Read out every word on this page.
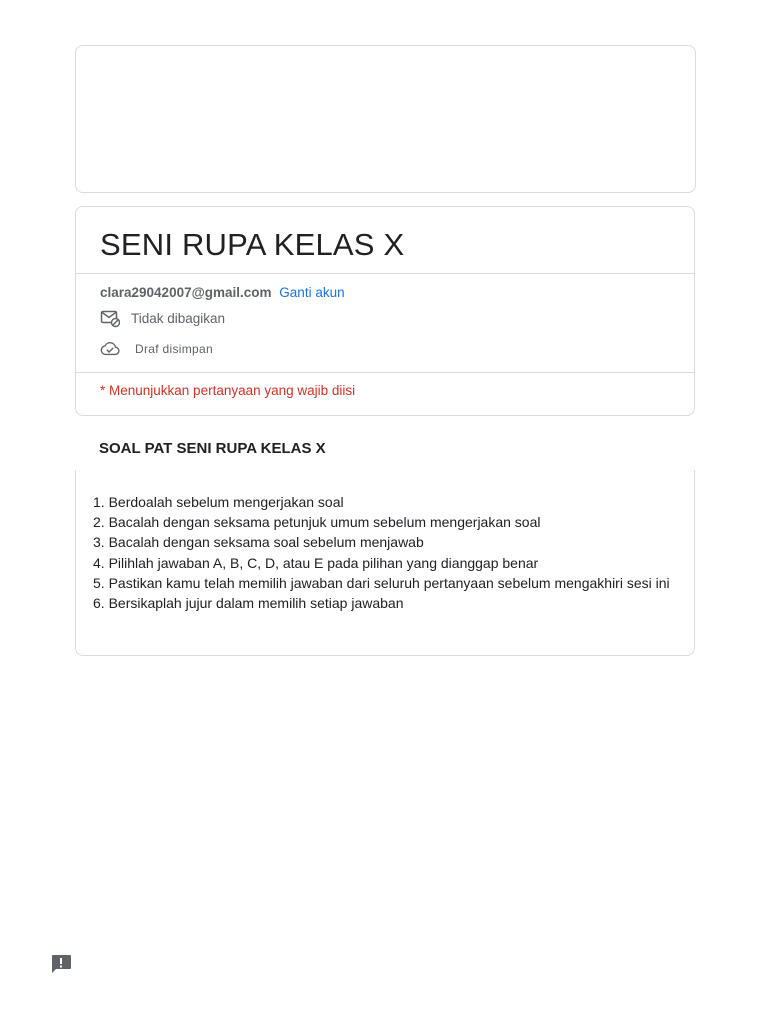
SENI RUPA KELAS X
clara29042007@gmail.com Ganti akun
Tidak dibagikan
Draf disimpan
* Menunjukkan pertanyaan yang wajib diisi
SOAL PAT SENI RUPA KELAS X
1. Berdoalah sebelum mengerjakan soal
2. Bacalah dengan seksama petunjuk umum sebelum mengerjakan soal
3. Bacalah dengan seksama soal sebelum menjawab
4. Pilihlah jawaban A, B, C, D, atau E pada pilihan yang dianggap benar
5. Pastikan kamu telah memilih jawaban dari seluruh pertanyaan sebelum mengakhiri sesi ini
6. Bersikaplah jujur dalam memilih setiap jawaban
